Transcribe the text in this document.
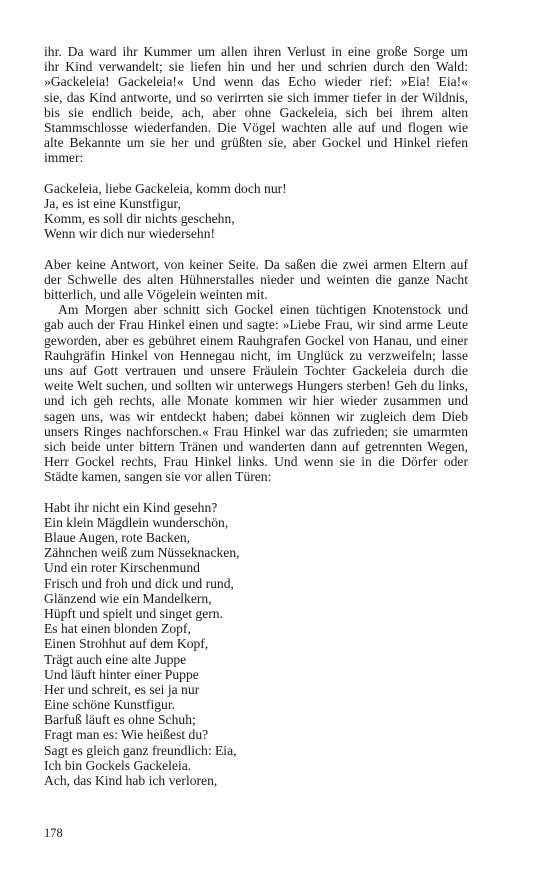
ihr. Da ward ihr Kummer um allen ihren Verlust in eine große Sorge um
ihr Kind verwandelt; sie liefen hin und her und schrien durch den Wald:
»Gackeleia! Gackeleia!« Und wenn das Echo wieder rief: »Eia! Eia!«
sie, das Kind antworte, und so verirrten sie sich immer tiefer in der Wildnis,
bis sie endlich beide, ach, aber ohne Gackeleia, sich bei ihrem alten
Stammschlosse wiederfanden. Die Vögel wachten alle auf und flogen wie
alte Bekannte um sie her und grüßten sie, aber Gockel und Hinkel riefen
immer:
Gackeleia, liebe Gackeleia, komm doch nur!
Ja, es ist eine Kunstfigur,
Komm, es soll dir nichts geschehn,
Wenn wir dich nur wiedersehn!
Aber keine Antwort, von keiner Seite. Da saßen die zwei armen Eltern auf
der Schwelle des alten Hühnerstalles nieder und weinten die ganze Nacht
bitterlich, und alle Vögelein weinten mit.
Am Morgen aber schnitt sich Gockel einen tüchtigen Knotenstock und
gab auch der Frau Hinkel einen und sagte: »Liebe Frau, wir sind arme Leute
geworden, aber es gebühret einem Rauhgrafen Gockel von Hanau, und einer
Rauhgräfin Hinkel von Hennegau nicht, im Unglück zu verzweifeln; lasse
uns auf Gott vertrauen und unsere Fräulein Tochter Gackeleia durch die
weite Welt suchen, und sollten wir unterwegs Hungers sterben! Geh du links,
und ich geh rechts, alle Monate kommen wir hier wieder zusammen und
sagen uns, was wir entdeckt haben; dabei können wir zugleich dem Dieb
unsers Ringes nachforschen.« Frau Hinkel war das zufrieden; sie umarmten
sich beide unter bittern Tränen und wanderten dann auf getrennten Wegen,
Herr Gockel rechts, Frau Hinkel links. Und wenn sie in die Dörfer oder
Städte kamen, sangen sie vor allen Türen:
Habt ihr nicht ein Kind gesehn?
Ein klein Mägdlein wunderschön,
Blaue Augen, rote Backen,
Zähnchen weiß zum Nüsseknacken,
Und ein roter Kirschenmund
Frisch und froh und dick und rund,
Glänzend wie ein Mandelkern,
Hüpft und spielt und singet gern.
Es hat einen blonden Zopf,
Einen Strohhut auf dem Kopf,
Trägt auch eine alte Juppe
Und läuft hinter einer Puppe
Her und schreit, es sei ja nur
Eine schöne Kunstfigur.
Barfuß läuft es ohne Schuh;
Fragt man es: Wie heißest du?
Sagt es gleich ganz freundlich: Eia,
Ich bin Gockels Gackeleia.
Ach, das Kind hab ich verloren,
178
